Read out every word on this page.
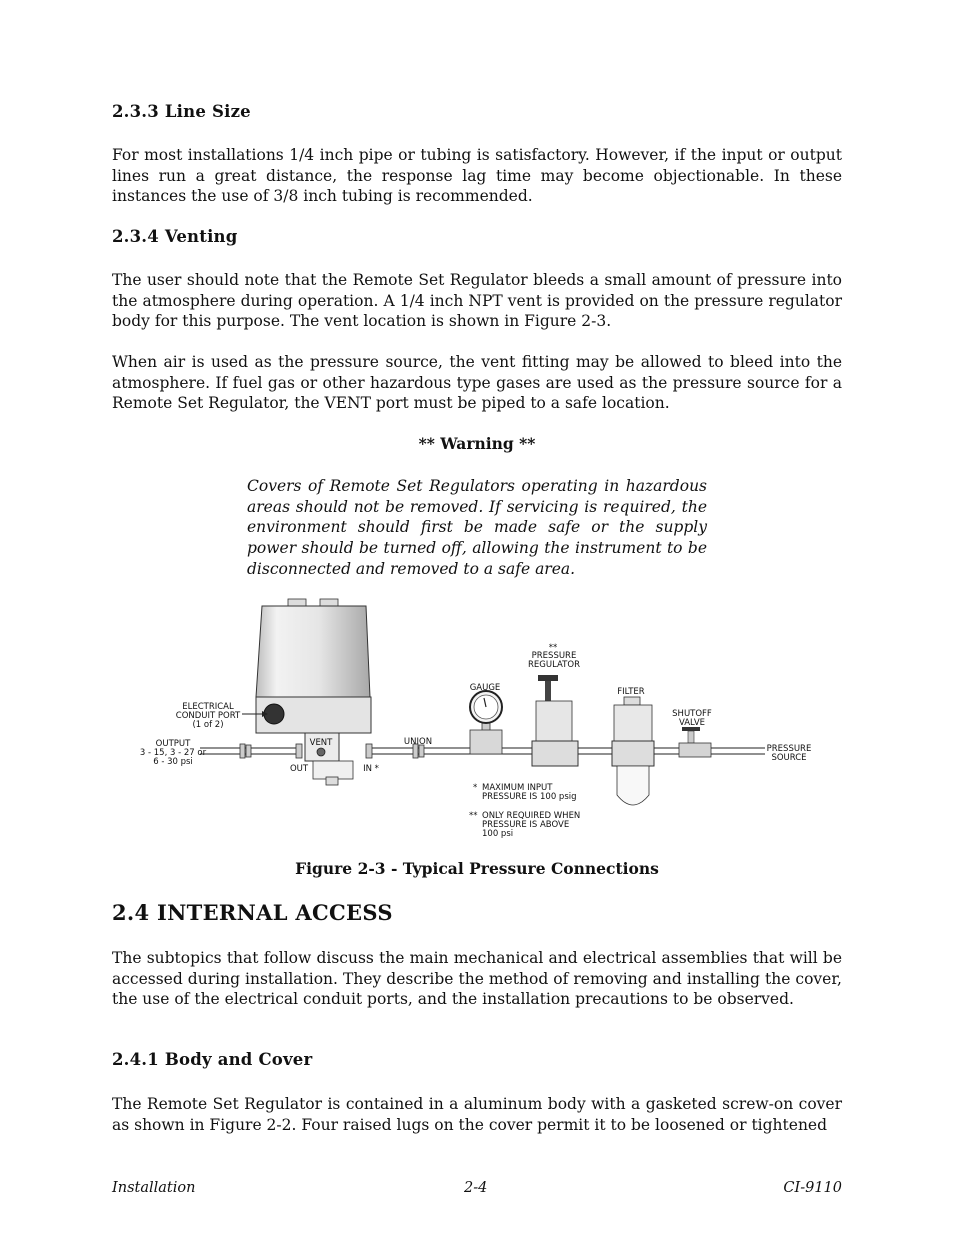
2.3.3 Line Size
For most installations 1/4 inch pipe or tubing is satisfactory. However, if the input or output lines run a great distance, the response lag time may become objectionable. In these instances the use of 3/8 inch tubing is recommended.
2.3.4 Venting
The user should note that the Remote Set Regulator bleeds a small amount of pressure into the atmosphere during operation. A 1/4 inch NPT vent is provided on the pressure regulator body for this purpose. The vent location is shown in Figure 2-3.
When air is used as the pressure source, the vent fitting may be allowed to bleed into the atmosphere. If fuel gas or other hazardous type gases are used as the pressure source for a Remote Set Regulator, the VENT port must be piped to a safe location.
** Warning **
Covers of Remote Set Regulators operating in hazardous areas should not be removed. If servicing is required, the environment should first be made safe or the supply power should be turned off, allowing the instrument to be disconnected and removed to a safe area.
Figure 2-3 - Typical Pressure Connections
2.4 INTERNAL ACCESS
The subtopics that follow discuss the main mechanical and electrical assemblies that will be accessed during installation. They describe the method of removing and installing the cover, the use of the electrical conduit ports, and the installation precautions to be observed.
2.4.1 Body and Cover
The Remote Set Regulator is contained in a aluminum body with a gasketed screw-on cover as shown in Figure 2-2. Four raised lugs on the cover permit it to be loosened or tightened
ELECTRICAL
CONDUIT PORT
(1 of 2)
OUTPUT
3 - 15, 3 - 27 or
6 - 30 psi
VENT
OUT	IN *
UNION
GAUGE
**
PRESSURE
REGULATOR
FILTER
SHUTOFF
VALVE
PRESSURE
SOURCE
* MAXIMUM INPUT
PRESSURE IS 100 psig
** ONLY REQUIRED WHEN
PRESSURE IS ABOVE
100 psi
Installation	2-4	CI-9110
